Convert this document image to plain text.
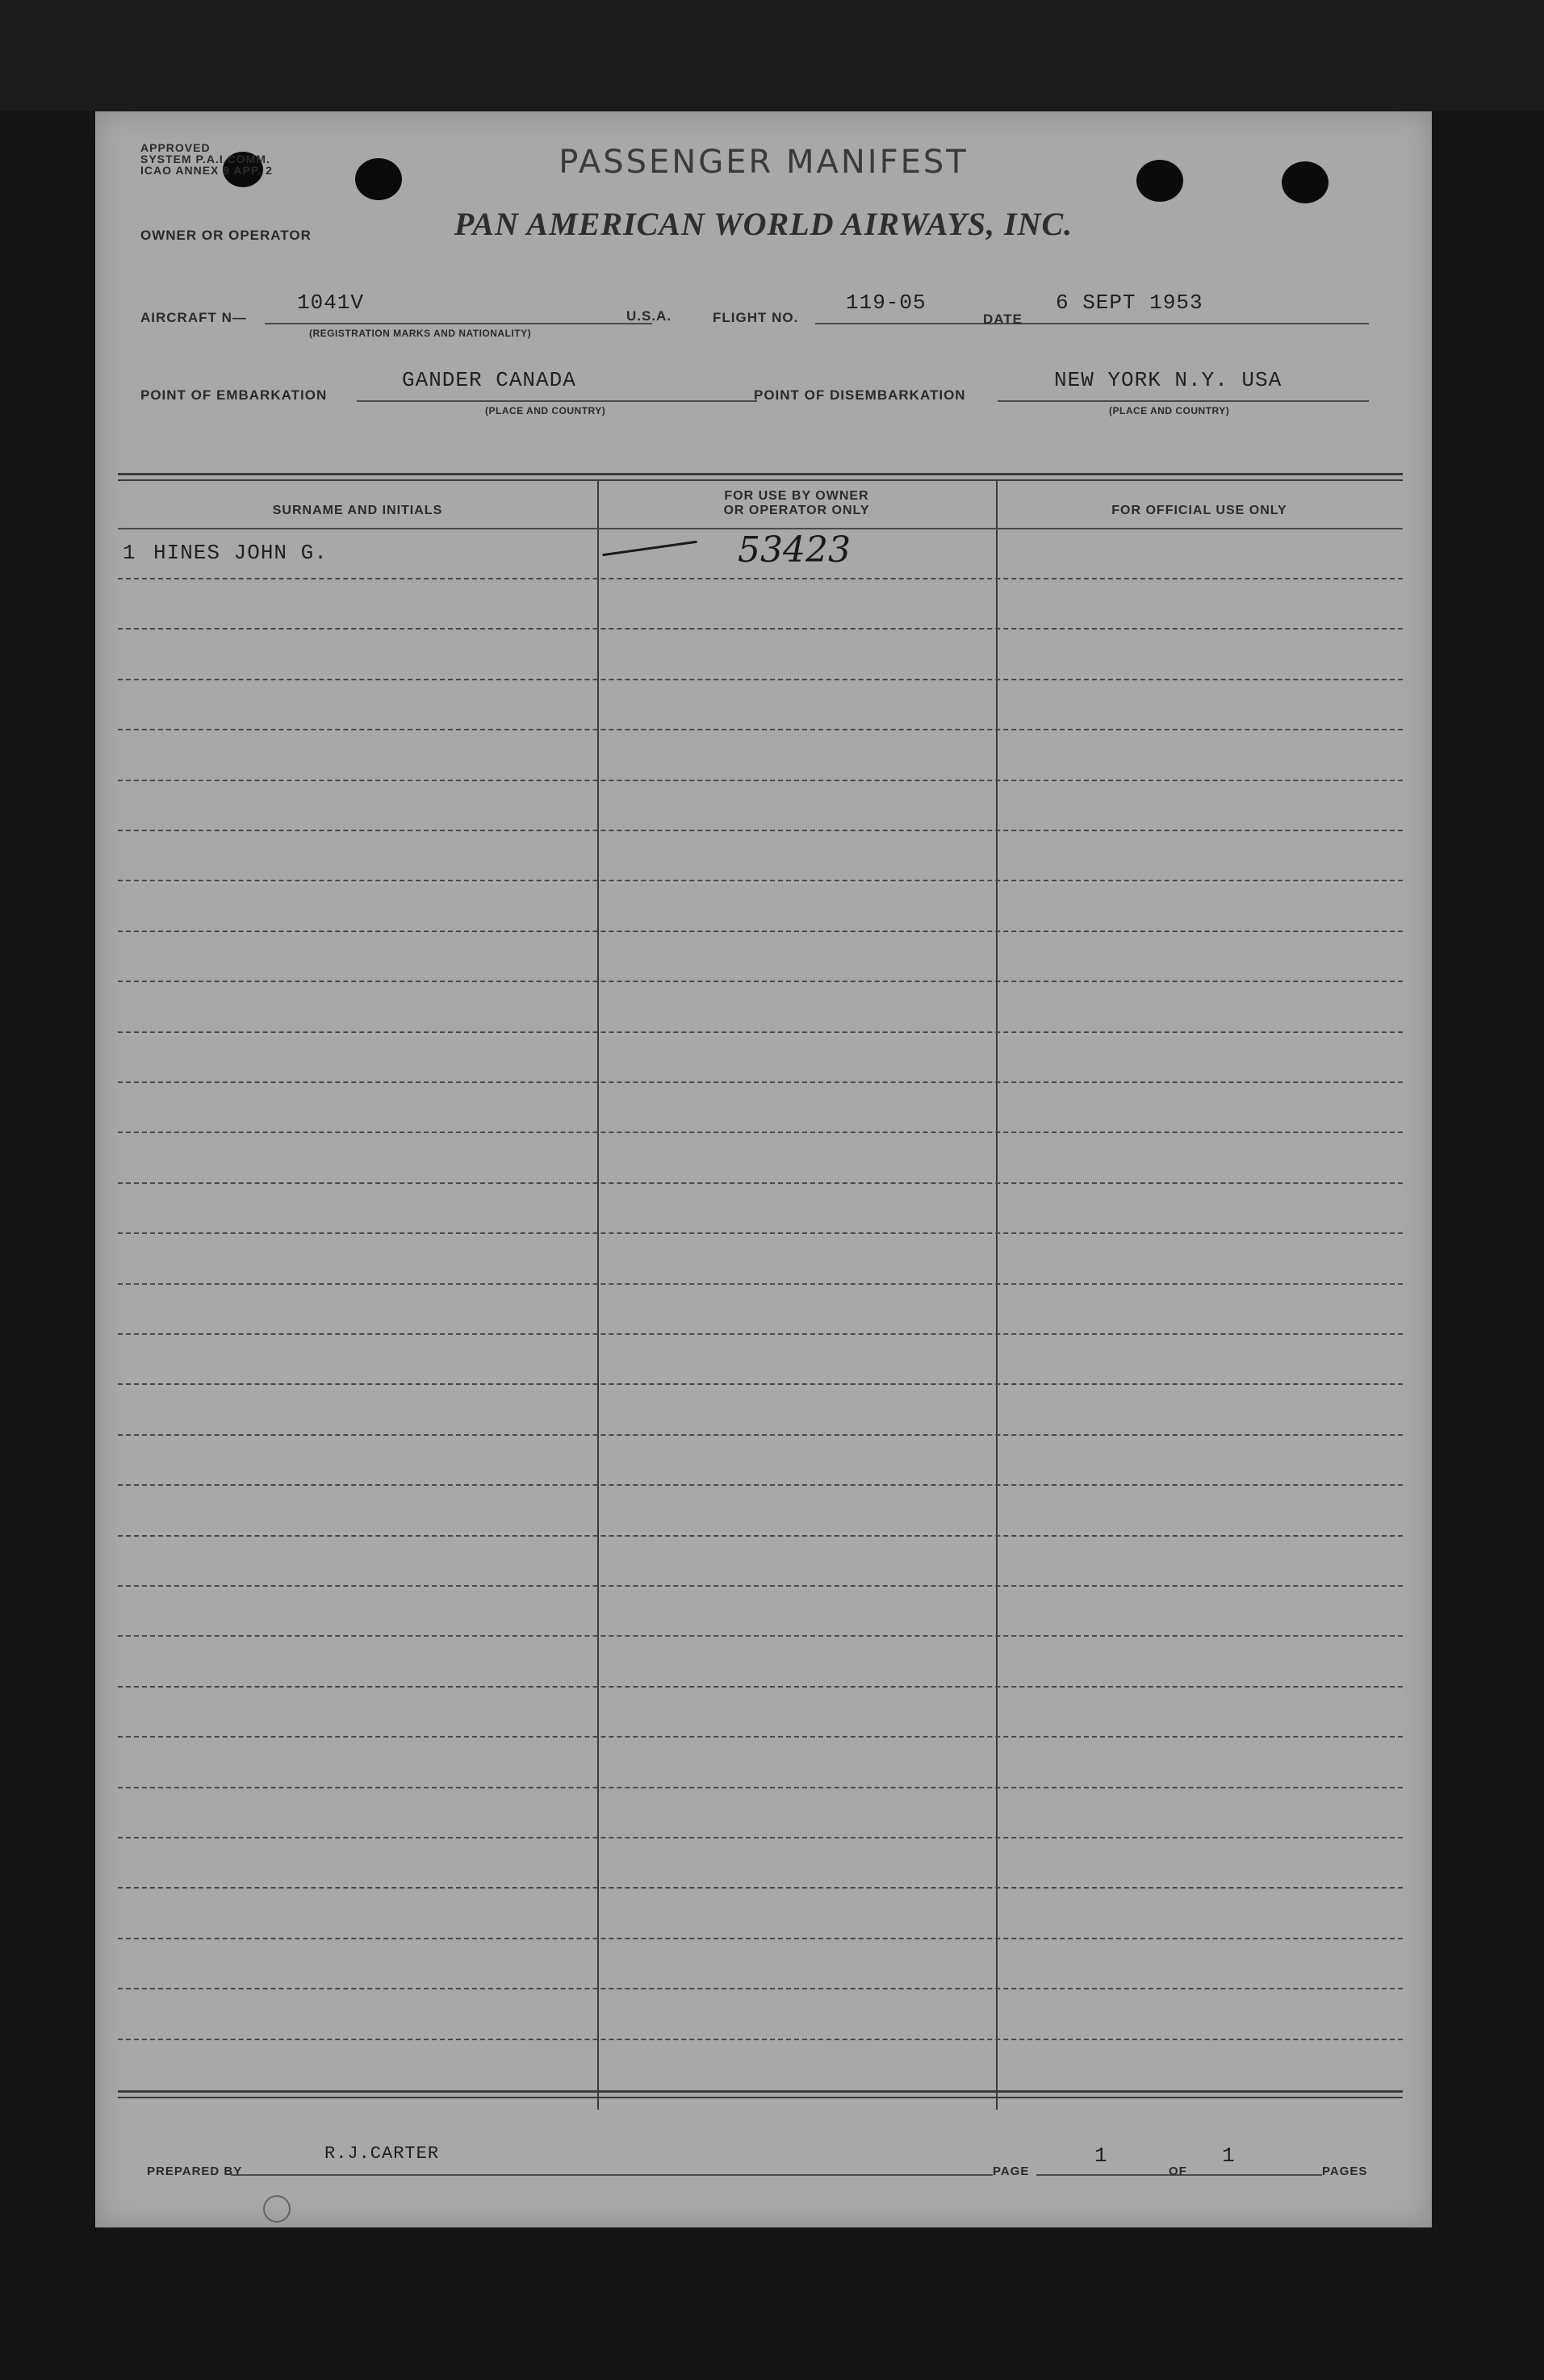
APPROVED
SYSTEM P.A.I.COMM.
ICAO ANNEX 9 APP. 2	PASSENGER MANIFEST
OWNER OR OPERATOR	PAN AMERICAN WORLD AIRWAYS, INC.
AIRCRAFT N—
1041V
(REGISTRATION MARKS AND NATIONALITY)
U.S.A.	FLIGHT NO.
119-05
DATE
6 SEPT 1953
POINT OF EMBARKATION
GANDER CANADA
(PLACE AND COUNTRY)
POINT OF DISEMBARKATION
NEW YORK N.Y. USA
(PLACE AND COUNTRY)
SURNAME AND INITIALS
FOR USE BY OWNER
OR OPERATOR ONLY	FOR OFFICIAL USE ONLY
1 HINES JOHN G.	53423
PREPARED BY
R.J.CARTER
PAGE
1
OF
1
PAGES
